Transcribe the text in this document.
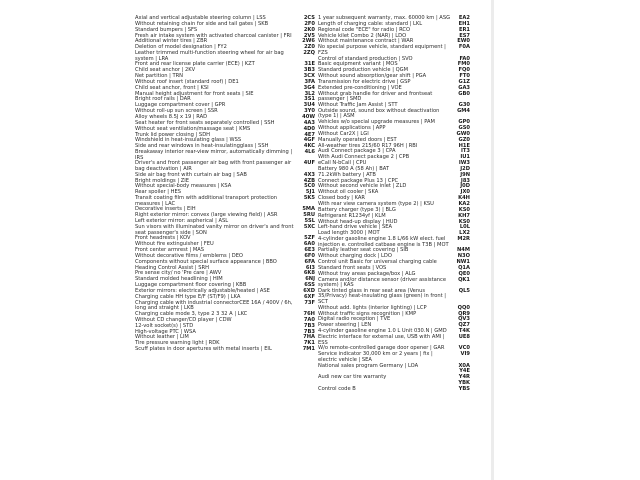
Axial and vertical adjustable steering column | LSS	2CS
Without retaining chain for side and tail gates | SKB	2F0
Standard bumpers | SFS	2K0
Fresh air intake system with activated charcoal canister | FRI	2V5
Additional winter tires | ZBR	2W6
Deletion of model designation | FY2	2Z0
Leather trimmed multi-function steering wheel for air bag system | LRA	2ZQ
Front and rear license plate carrier (ECE) | KZT	31E
Child seat anchor | 2KV	3B3
Net partition | TRN	3CX
Without roof insert (standard roof) | DE1	3FA
Child seat anchor, front | KSI	3G4
Manual height adjustment for front seats | SIE	3L2
Bright roof rails | DAR	3S1
Luggage compartment cover | GPR	3U4
Without roll-up sun screen | SSR	3Y0
Alloy wheels 8.5J x 19 | RAD	40W
Seat heater for front seats separately controlled | SSH	4A3
Without seat ventilation/massage seat | KMS	4D0
Trunk lid power closing | SDH	4E7
Windshield in heat-insulating glass | WSS	4GF
Side and rear windows in heat-insulatingglass | SSH	4KC
Breakaway interior rear-view mirror, automatically dimming | IRS	4L6
Driver's and front passenger air bag with front passenger air bag deactivation | AIR	4UF
Side air bag front with curtain air bag | SAB	4X3
Bright moldings | ZIE	4ZB
Without special-body measures | KSA	5C0
Rear spoiler | HES	5J1
Transit coating film with additional transport protection measures | LAC	5K5
Decorative inserts | EIH	5MA
Right exterior mirror: convex (large viewing field) | ASR	5RU
Left exterior mirror: aspherical | ASL	5SL
Sun visors with illuminated vanity mirror on driver's and front seat passenger's side | SON	5XC
Front headrests | KOV	5ZF
Without fire extinguisher | FEU	6A0
Front center armrest | MAS	6E3
Without decorative films / emblems | DEO	6F0
Components without special surface appearance | BBO	6FA
Heading Control Assist | SRH	6I3
Pre sense city/ no 'Pre care | AWV	6K8
Standard molded headlining | HIM	6NJ
Luggage compartment floor covering | KBB	6SS
Exterior mirrors: electrically adjustable/heated | ASE	6XD
Charging cable HH type E/F (ST/F9) | LKA	6XF
Charging cable with industrial connectorCEE 16A / 400V / 6h, long and straight | LKB	73F
Charging cable mode 3, type 2 3 32 A | LKC	76H
Without CD changer/CD player | CDW	7A0
12-volt socket(s) | STD	7B3
High-voltage PTC | WSA	7B3
Without leather | LIM	7HA
Tire pressure warning light | RDK	7K1
Scuff plates in door apertures with metal inserts | EIL	7M1
1 year subsequent warranty, max. 60000 km | ASG	EA2
Length of charging cable: standard | LKL	EH1
Regional code "ECE" for radio | RCO	ER1
Vehicle kilet Combo 2 (NAR) | LDO	ES7
Without maintenance contract | WAR	EW0
No special purpose vehicle, standard equipment | FZS	F0A
Control of standard production | SVO	FA0
Basic equipment variant | MOS	FM0
Standard production vehicle | QGM	FQ0
Without sound absorption/gear shift | PGA	FT0
Transmission for electric drive | GSP	G1Z
Extended pre-conditioning | VOE	GA3
Without grab handle for driver and frontseat passenger | SMD	GB0
Without Traffic Jam Assist | STT	G30
Outside sound, sound box without deactivation (type 1) | ASM	GM4
Vehicles w/o special upgrade measures | PAM	GP0
Without applications | APP	GS0
Without Car2X | LGI	GW0
Manually operated doors | EST	GZ0
All-weather tires 215/60 R17 96H | RBI	H1E
Audi Connect package 3 | CPA	IT3
With Audi Connect package 2 | CPB	IU1
eCall N-bCall | CPU	IW3
Battery 980 A (58 Ah) | BAT	J2D
71.2kWh battery | ATB	J9N
Connect package Plus 13 | CPC	J83
Without second vehicle inlet | ZLD	J0D
Without oil cooler | SKA	JX0
Closed body | KAR	K4H
With rear view camera system (type 2) | KSU	KA2
Battery charger (type 3) | BLG	KS0
Refrigerant R1234yf | KLM	KH7
Without head-up display | HUD	KS0
Left-hand drive vehicle | SEA	L0L
Load length 3000 | MOT	LX2
4-cylinder gasoline engine 1.8 L/66 kW elect. fuel injection e. controlled catbase engine is T3B | MOT	M2R
Partially leather seat covering | SIB	N4M
Without charging dock | LDO	N3O
Control unit Basic for universal charging cable	NW1
Standard front seats | VOS	Q1A
Without tray areas package/box | ALG	QE0
Camera and/or distance sensor (driver assistance system) | KAS	QK1
Dark tinted glass in rear seat area (Venus 35/Privacy) heat-insulating glass (green) in front | SCT	QL5
Without add. lights (interior lighting) | LCP	QQ0
Without traffic signs recognition | KMP	QR9
Digital radio reception | TVE	QV3
Power steering | LEN	QZ7
4-cylinder gasoline engine 1.0 L Unit 030.N | GMD	T4K
Electric interface for external use, USB with AMI | ESS	UE8
W/o remote-controlled garage door opener | GAR	VC0
Service indicator 30,000 km or 2 years | fix | electric vehicle | SEA	VI9
National sales program Germany | LOA	X0A
	Y4E
Audi new car tire warranty	Y4R
	YBK
Control code B	YBS
